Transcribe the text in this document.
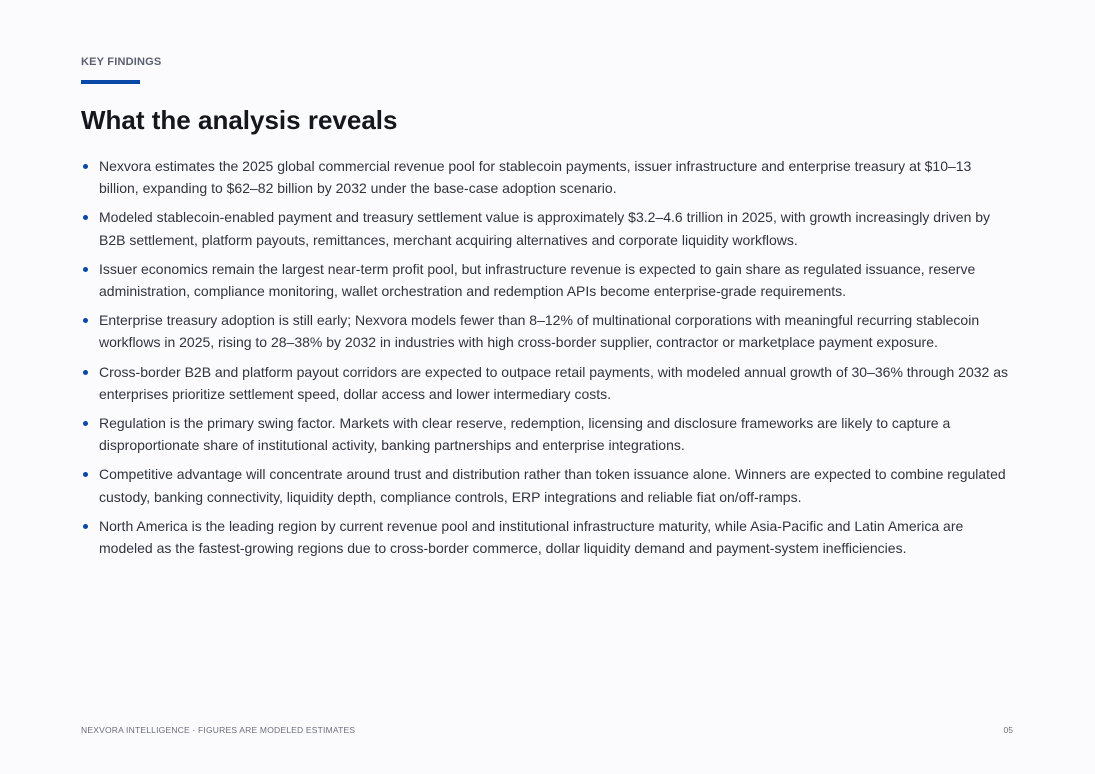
KEY FINDINGS
What the analysis reveals
Nexvora estimates the 2025 global commercial revenue pool for stablecoin payments, issuer infrastructure and enterprise treasury at $10–13 billion, expanding to $62–82 billion by 2032 under the base-case adoption scenario.
Modeled stablecoin-enabled payment and treasury settlement value is approximately $3.2–4.6 trillion in 2025, with growth increasingly driven by B2B settlement, platform payouts, remittances, merchant acquiring alternatives and corporate liquidity workflows.
Issuer economics remain the largest near-term profit pool, but infrastructure revenue is expected to gain share as regulated issuance, reserve administration, compliance monitoring, wallet orchestration and redemption APIs become enterprise-grade requirements.
Enterprise treasury adoption is still early; Nexvora models fewer than 8–12% of multinational corporations with meaningful recurring stablecoin workflows in 2025, rising to 28–38% by 2032 in industries with high cross-border supplier, contractor or marketplace payment exposure.
Cross-border B2B and platform payout corridors are expected to outpace retail payments, with modeled annual growth of 30–36% through 2032 as enterprises prioritize settlement speed, dollar access and lower intermediary costs.
Regulation is the primary swing factor. Markets with clear reserve, redemption, licensing and disclosure frameworks are likely to capture a disproportionate share of institutional activity, banking partnerships and enterprise integrations.
Competitive advantage will concentrate around trust and distribution rather than token issuance alone. Winners are expected to combine regulated custody, banking connectivity, liquidity depth, compliance controls, ERP integrations and reliable fiat on/off-ramps.
North America is the leading region by current revenue pool and institutional infrastructure maturity, while Asia-Pacific and Latin America are modeled as the fastest-growing regions due to cross-border commerce, dollar liquidity demand and payment-system inefficiencies.
NEXVORA INTELLIGENCE · FIGURES ARE MODELED ESTIMATES	05
